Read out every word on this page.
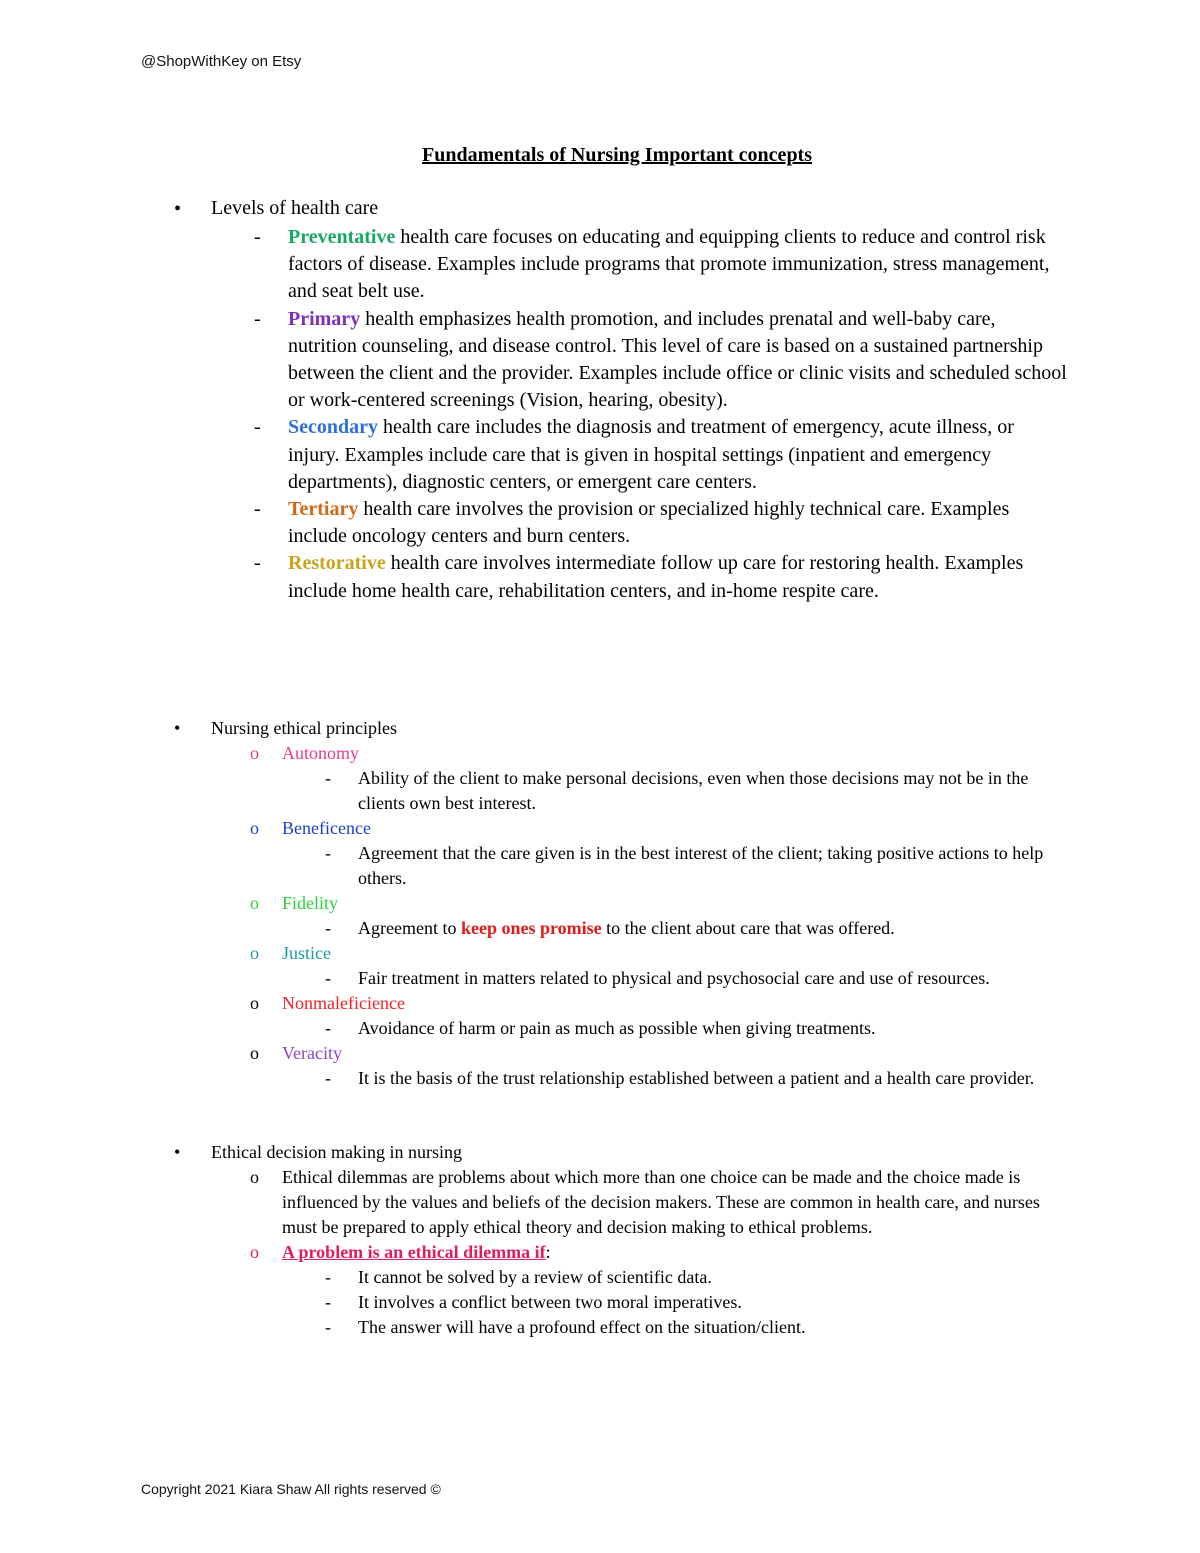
@ShopWithKey on Etsy
Fundamentals of Nursing Important concepts
• Levels of health care
- Preventative health care focuses on educating and equipping clients to reduce and control risk factors of disease. Examples include programs that promote immunization, stress management, and seat belt use.
- Primary health emphasizes health promotion, and includes prenatal and well-baby care, nutrition counseling, and disease control. This level of care is based on a sustained partnership between the client and the provider. Examples include office or clinic visits and scheduled school or work-centered screenings (Vision, hearing, obesity).
- Secondary health care includes the diagnosis and treatment of emergency, acute illness, or injury. Examples include care that is given in hospital settings (inpatient and emergency departments), diagnostic centers, or emergent care centers.
- Tertiary health care involves the provision or specialized highly technical care. Examples include oncology centers and burn centers.
- Restorative health care involves intermediate follow up care for restoring health. Examples include home health care, rehabilitation centers, and in-home respite care.
• Nursing ethical principles
o Autonomy
- Ability of the client to make personal decisions, even when those decisions may not be in the clients own best interest.
o Beneficence
- Agreement that the care given is in the best interest of the client; taking positive actions to help others.
o Fidelity
- Agreement to keep ones promise to the client about care that was offered.
o Justice
- Fair treatment in matters related to physical and psychosocial care and use of resources.
o Nonmaleficience
- Avoidance of harm or pain as much as possible when giving treatments.
o Veracity
- It is the basis of the trust relationship established between a patient and a health care provider.
• Ethical decision making in nursing
o Ethical dilemmas are problems about which more than one choice can be made and the choice made is influenced by the values and beliefs of the decision makers. These are common in health care, and nurses must be prepared to apply ethical theory and decision making to ethical problems.
o A problem is an ethical dilemma if:
- It cannot be solved by a review of scientific data.
- It involves a conflict between two moral imperatives.
- The answer will have a profound effect on the situation/client.
Copyright 2021 Kiara Shaw All rights reserved ©
